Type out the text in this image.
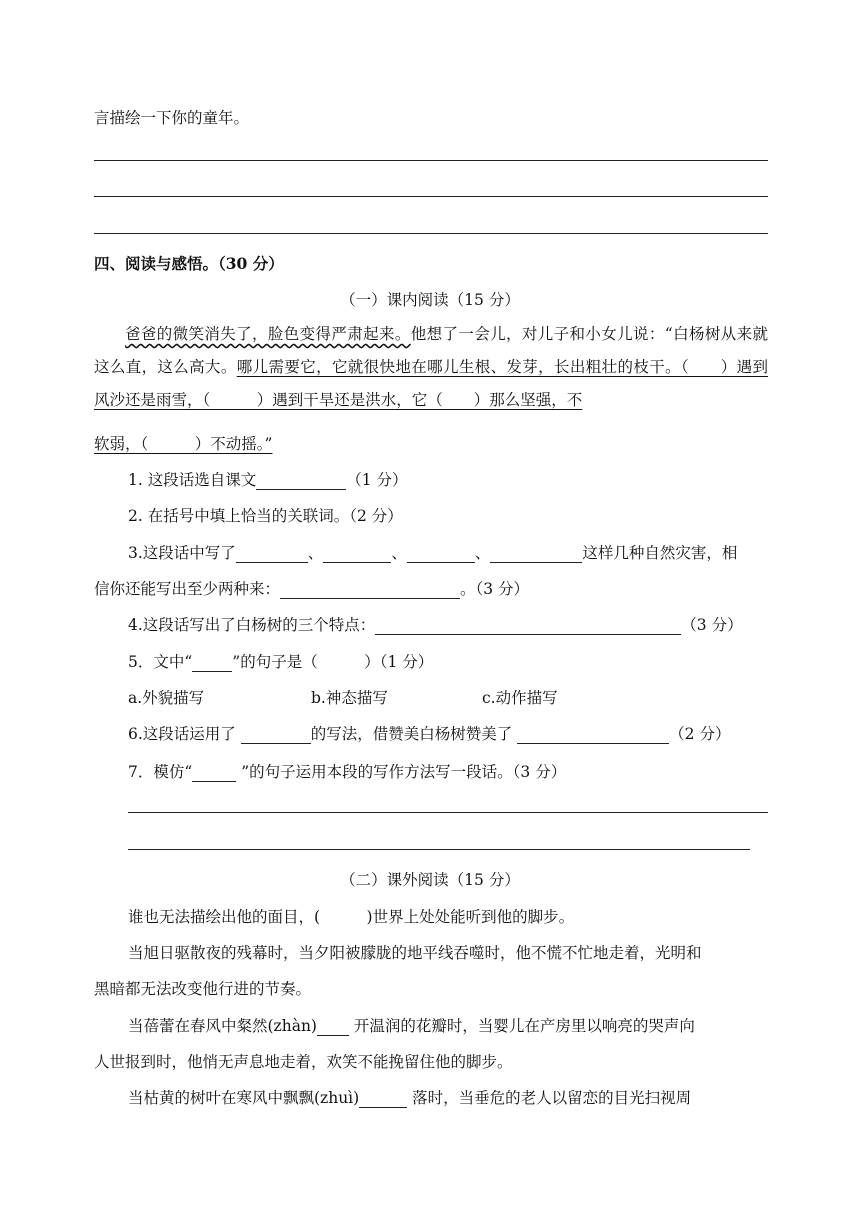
言描绘一下你的童年。
四、阅读与感悟。（30 分）
（一）课内阅读（15 分）
爸爸的微笑消失了，脸色变得严肃起来。他想了一会儿，对儿子和小女儿说：“白杨树从来就这么直，这么高大。哪儿需要它，它就很快地在哪儿生根、发芽，长出粗壮的枝干。（　　）遇到风沙还是雨雪，（　　　）遇到干旱还是洪水，它（　　）那么坚强，不
软弱，（　　　）不动摇。”
1. 这段话选自课文	（1 分）
2. 在括号中填上恰当的关联词。（2 分）
3.这段话中写了	、	、	、	这样几种自然灾害，相
信你还能写出至少两种来：	。（3 分）
4.这段话写出了白杨树的三个特点：	（3 分）
5．文中“	”的句子是（　　　）（1 分）
a.外貌描写	b.神态描写	c.动作描写
6.这段话运用了	的写法，借赞美白杨树赞美了	（2 分）
7．模仿“	”的句子运用本段的写作方法写一段话。（3 分）
（二）课外阅读（15 分）
谁也无法描绘出他的面目，(　　　)世界上处处能听到他的脚步。
当旭日驱散夜的残幕时，当夕阳被朦胧的地平线吞噬时，他不慌不忙地走着，光明和
黑暗都无法改变他行进的节奏。
当蓓蕾在春风中粲然(zhàn)  开温润的花瓣时，当婴儿在产房里以响亮的哭声向
人世报到时，他悄无声息地走着，欢笑不能挽留住他的脚步。
当枯黄的树叶在寒风中飘飘(zhuì)	落时，当垂危的老人以留恋的目光扫视周
